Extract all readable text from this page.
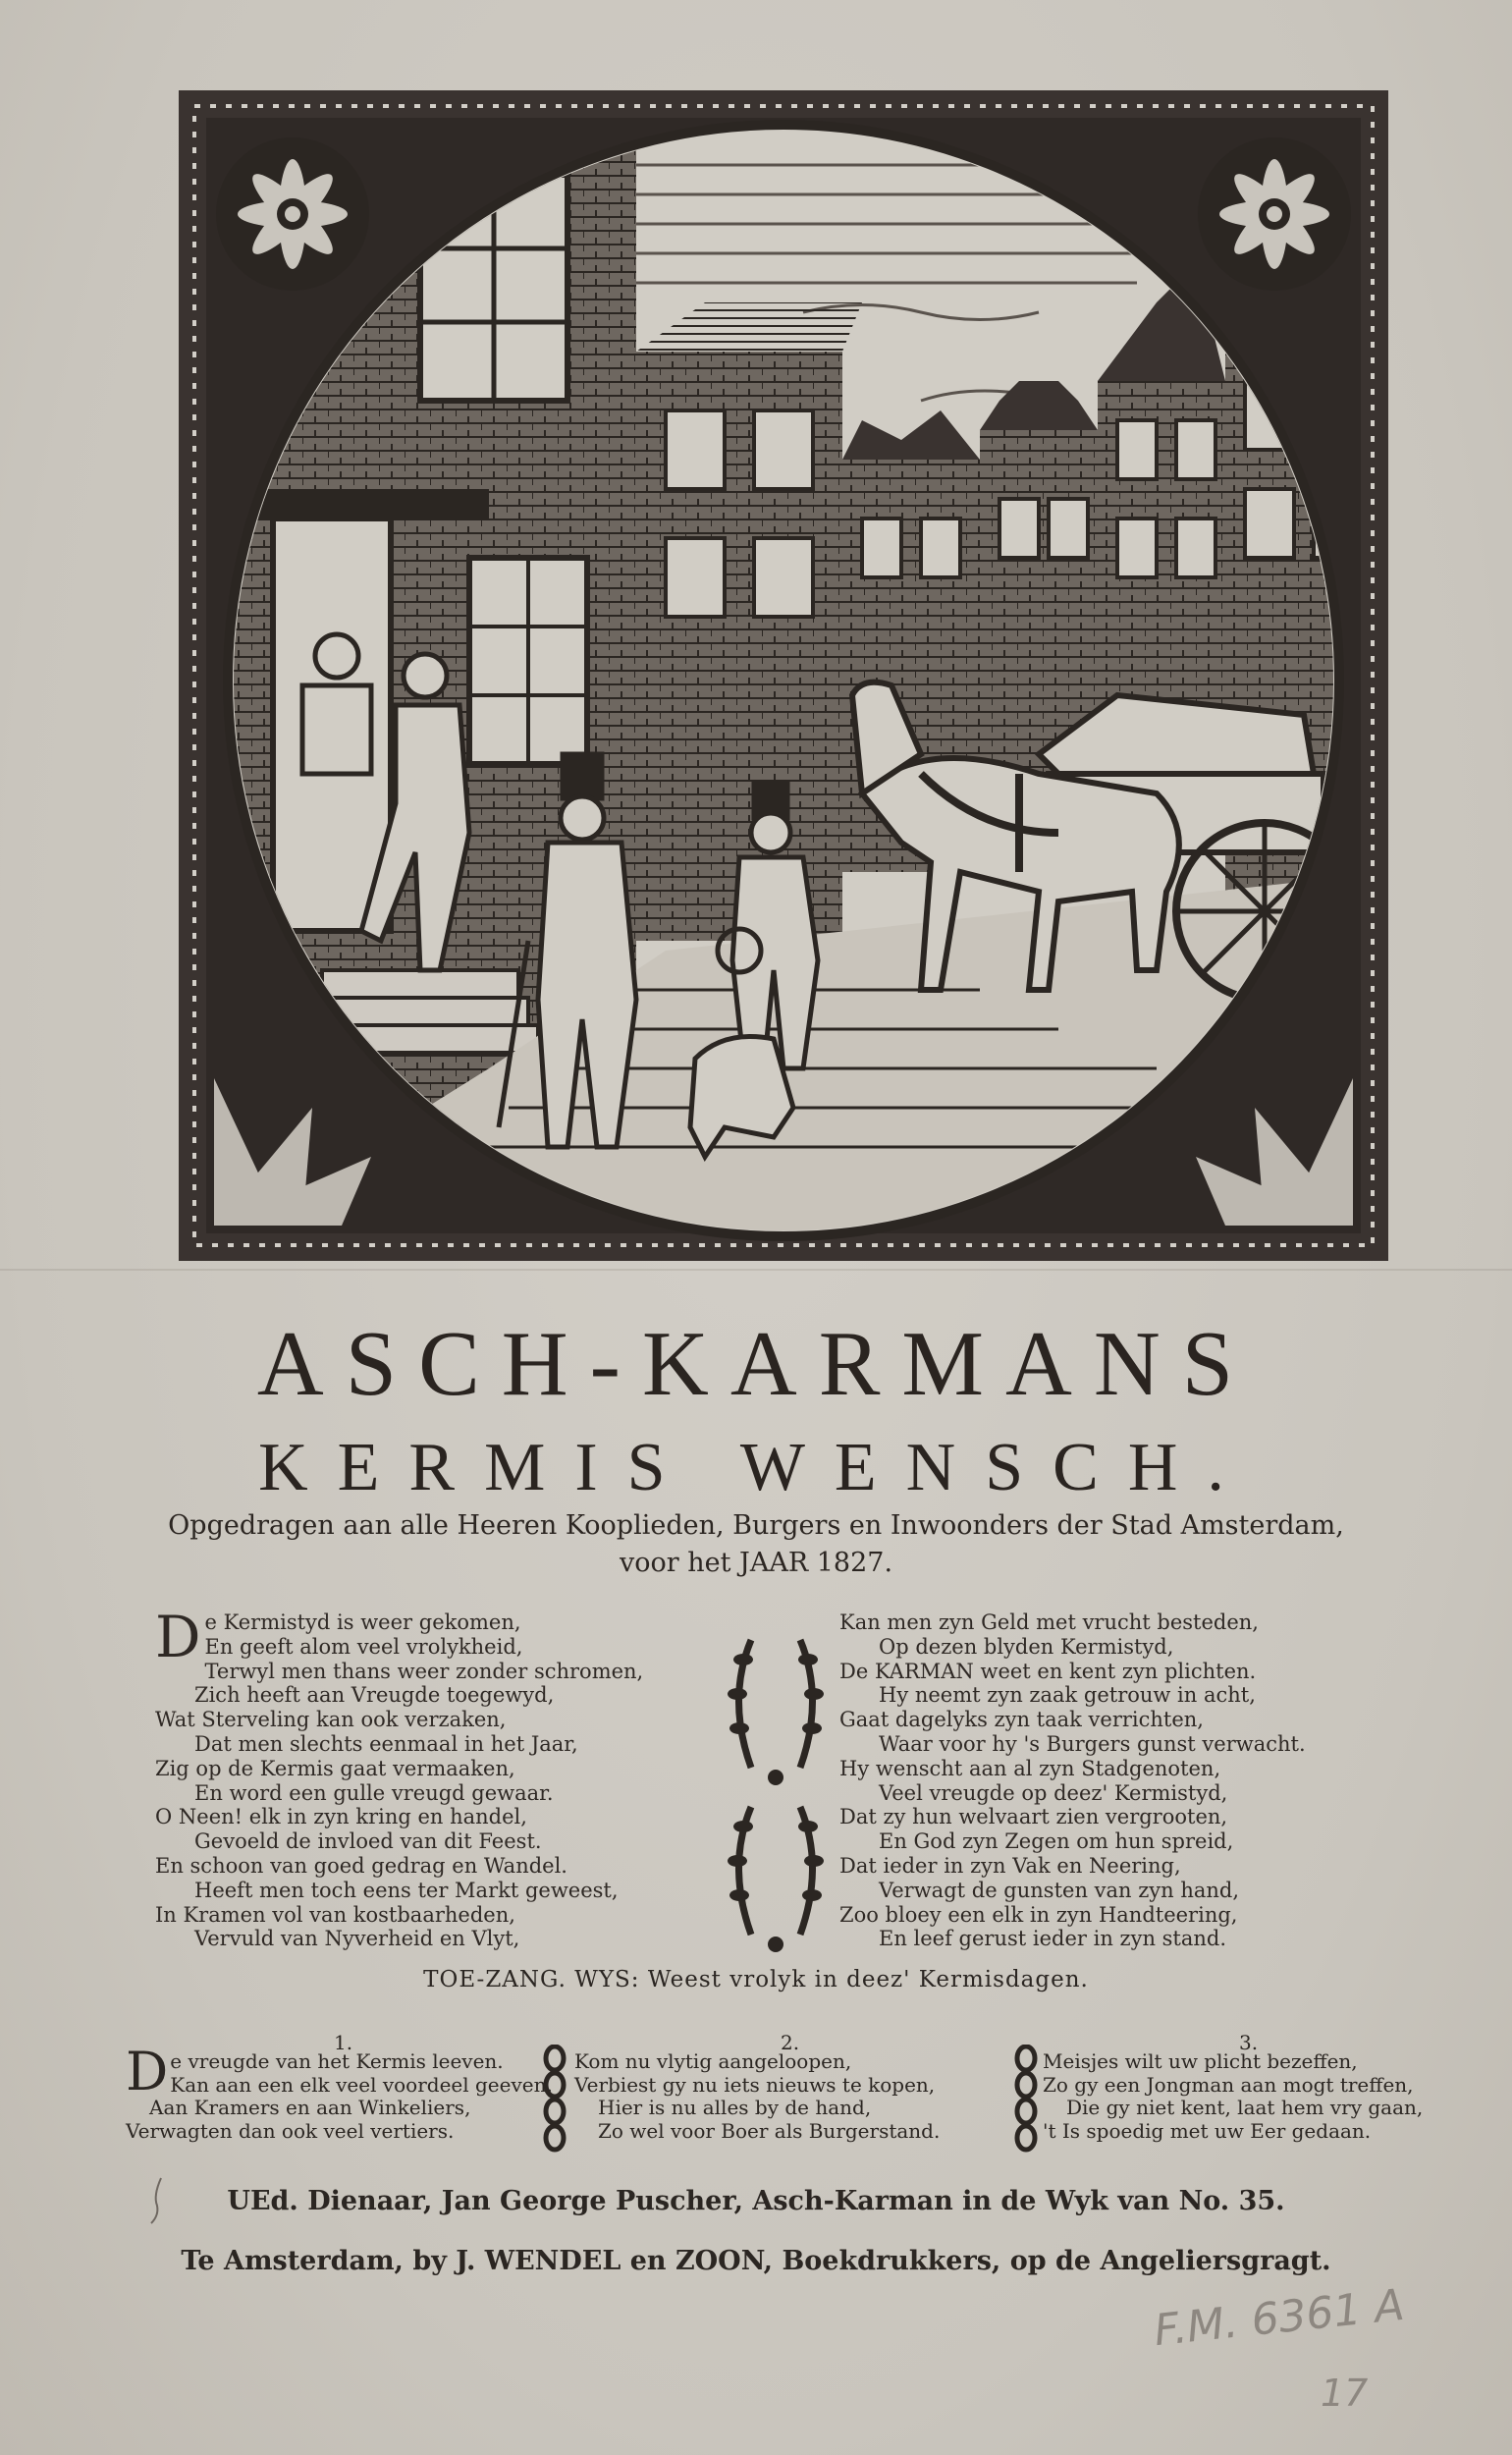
ASCH-KARMANS
KERMIS WENSCH.
Opgedragen aan alle Heeren Kooplieden, Burgers en Inwoonders der Stad Amsterdam,
voor het JAAR 1827.
D e Kermistyd is weer gekomen,
En geeft alom veel vrolykheid,
Terwyl men thans weer zonder schromen,
Zich heeft aan Vreugde toegewyd,
Wat Sterveling kan ook verzaken,
Dat men slechts eenmaal in het Jaar,
Zig op de Kermis gaat vermaaken,
En word een gulle vreugd gewaar.
O Neen! elk in zyn kring en handel,
Gevoeld de invloed van dit Feest.
En schoon van goed gedrag en Wandel.
Heeft men toch eens ter Markt geweest,
In Kramen vol van kostbaarheden,
Vervuld van Nyverheid en Vlyt,
Kan men zyn Geld met vrucht besteden,
Op dezen blyden Kermistyd,
De KARMAN weet en kent zyn plichten.
Hy neemt zyn zaak getrouw in acht,
Gaat dagelyks zyn taak verrichten,
Waar voor hy 's Burgers gunst verwacht.
Hy wenscht aan al zyn Stadgenoten,
Veel vreugde op deez' Kermistyd,
Dat zy hun welvaart zien vergrooten,
En God zyn Zegen om hun spreid,
Dat ieder in zyn Vak en Neering,
Verwagt de gunsten van zyn hand,
Zoo bloey een elk in zyn Handteering,
En leef gerust ieder in zyn stand.
TOE-ZANG. WYS: Weest vrolyk in deez' Kermisdagen.
1.	2.	3.
D e vreugde van het Kermis leeven.
Kan aan een elk veel voordeel geeven.
Aan Kramers en aan Winkeliers,
Verwagten dan ook veel vertiers.
Kom nu vlytig aangeloopen,
Verbiest gy nu iets nieuws te kopen,
Hier is nu alles by de hand,
Zo wel voor Boer als Burgerstand.
Meisjes wilt uw plicht bezeffen,
Zo gy een Jongman aan mogt treffen,
Die gy niet kent, laat hem vry gaan,
't Is spoedig met uw Eer gedaan.
UEd. Dienaar, Jan George Puscher, Asch-Karman in de Wyk van No. 35.
Te Amsterdam, by J. WENDEL en ZOON, Boekdrukkers, op de Angeliersgragt.
F.M. 6361 A
17
